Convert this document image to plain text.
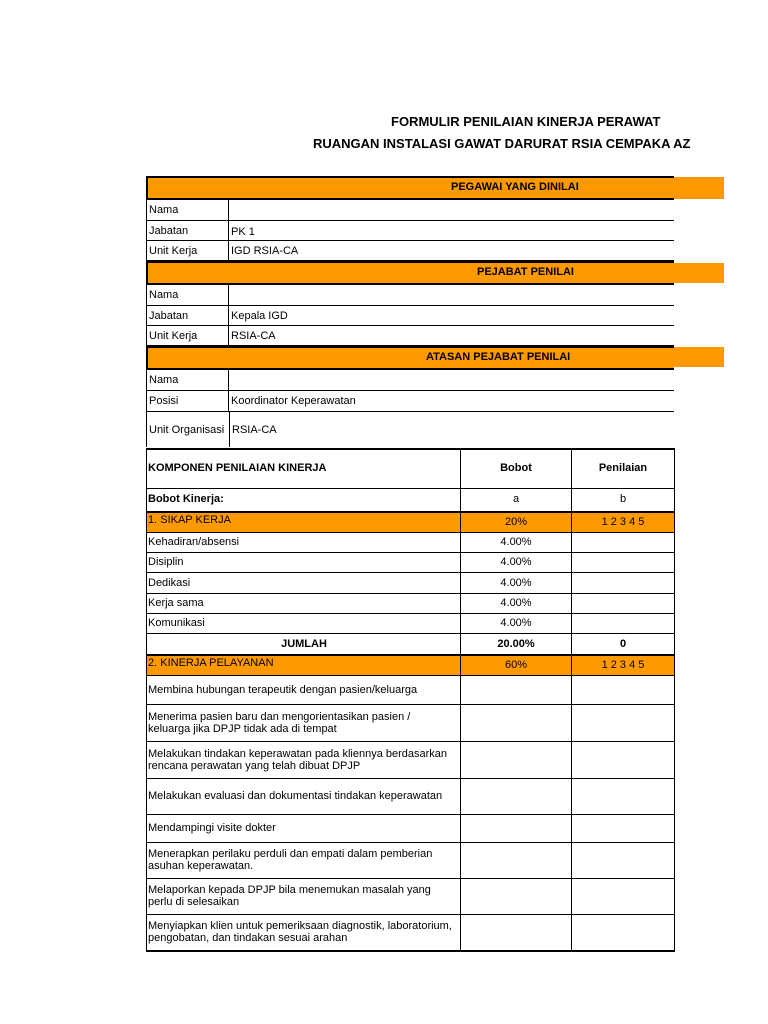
FORMULIR PENILAIAN KINERJA PERAWAT
RUANGAN INSTALASI GAWAT DARURAT RSIA CEMPAKA AZ
PEGAWAI YANG DINILAI
Nama
Jabatan	PK 1
Unit Kerja	IGD RSIA-CA
PEJABAT PENILAI
Nama
Jabatan	Kepala IGD
Unit Kerja	RSIA-CA
ATASAN PEJABAT PENILAI
Nama
Posisi	Koordinator Keperawatan
Unit Organisasi RSIA-CA
KOMPONEN PENILAIAN KINERJA	Bobot	Penilaian
Bobot Kinerja:	a	b
1. SIKAP KERJA	20%	1 2 3 4 5
Kehadiran/absensi	4.00%
Disiplin	4.00%
Dedikasi	4.00%
Kerja sama	4.00%
Komunikasi	4.00%
JUMLAH	20.00%	0
2. KINERJA PELAYANAN	60%	1 2 3 4 5
Membina hubungan terapeutik dengan pasien/keluarga
Menerima pasien baru dan mengorientasikan pasien / keluarga jika DPJP tidak ada di tempat
Melakukan tindakan keperawatan pada kliennya berdasarkan rencana perawatan yang telah dibuat DPJP
Melakukan evaluasi dan dokumentasi tindakan keperawatan
Mendampingi visite dokter
Menerapkan perilaku perduli dan empati dalam pemberian asuhan keperawatan.
Melaporkan kepada DPJP bila menemukan masalah yang perlu di selesaikan
Menyiapkan klien untuk pemeriksaan diagnostik, laboratorium, pengobatan, dan tindakan sesuai arahan
